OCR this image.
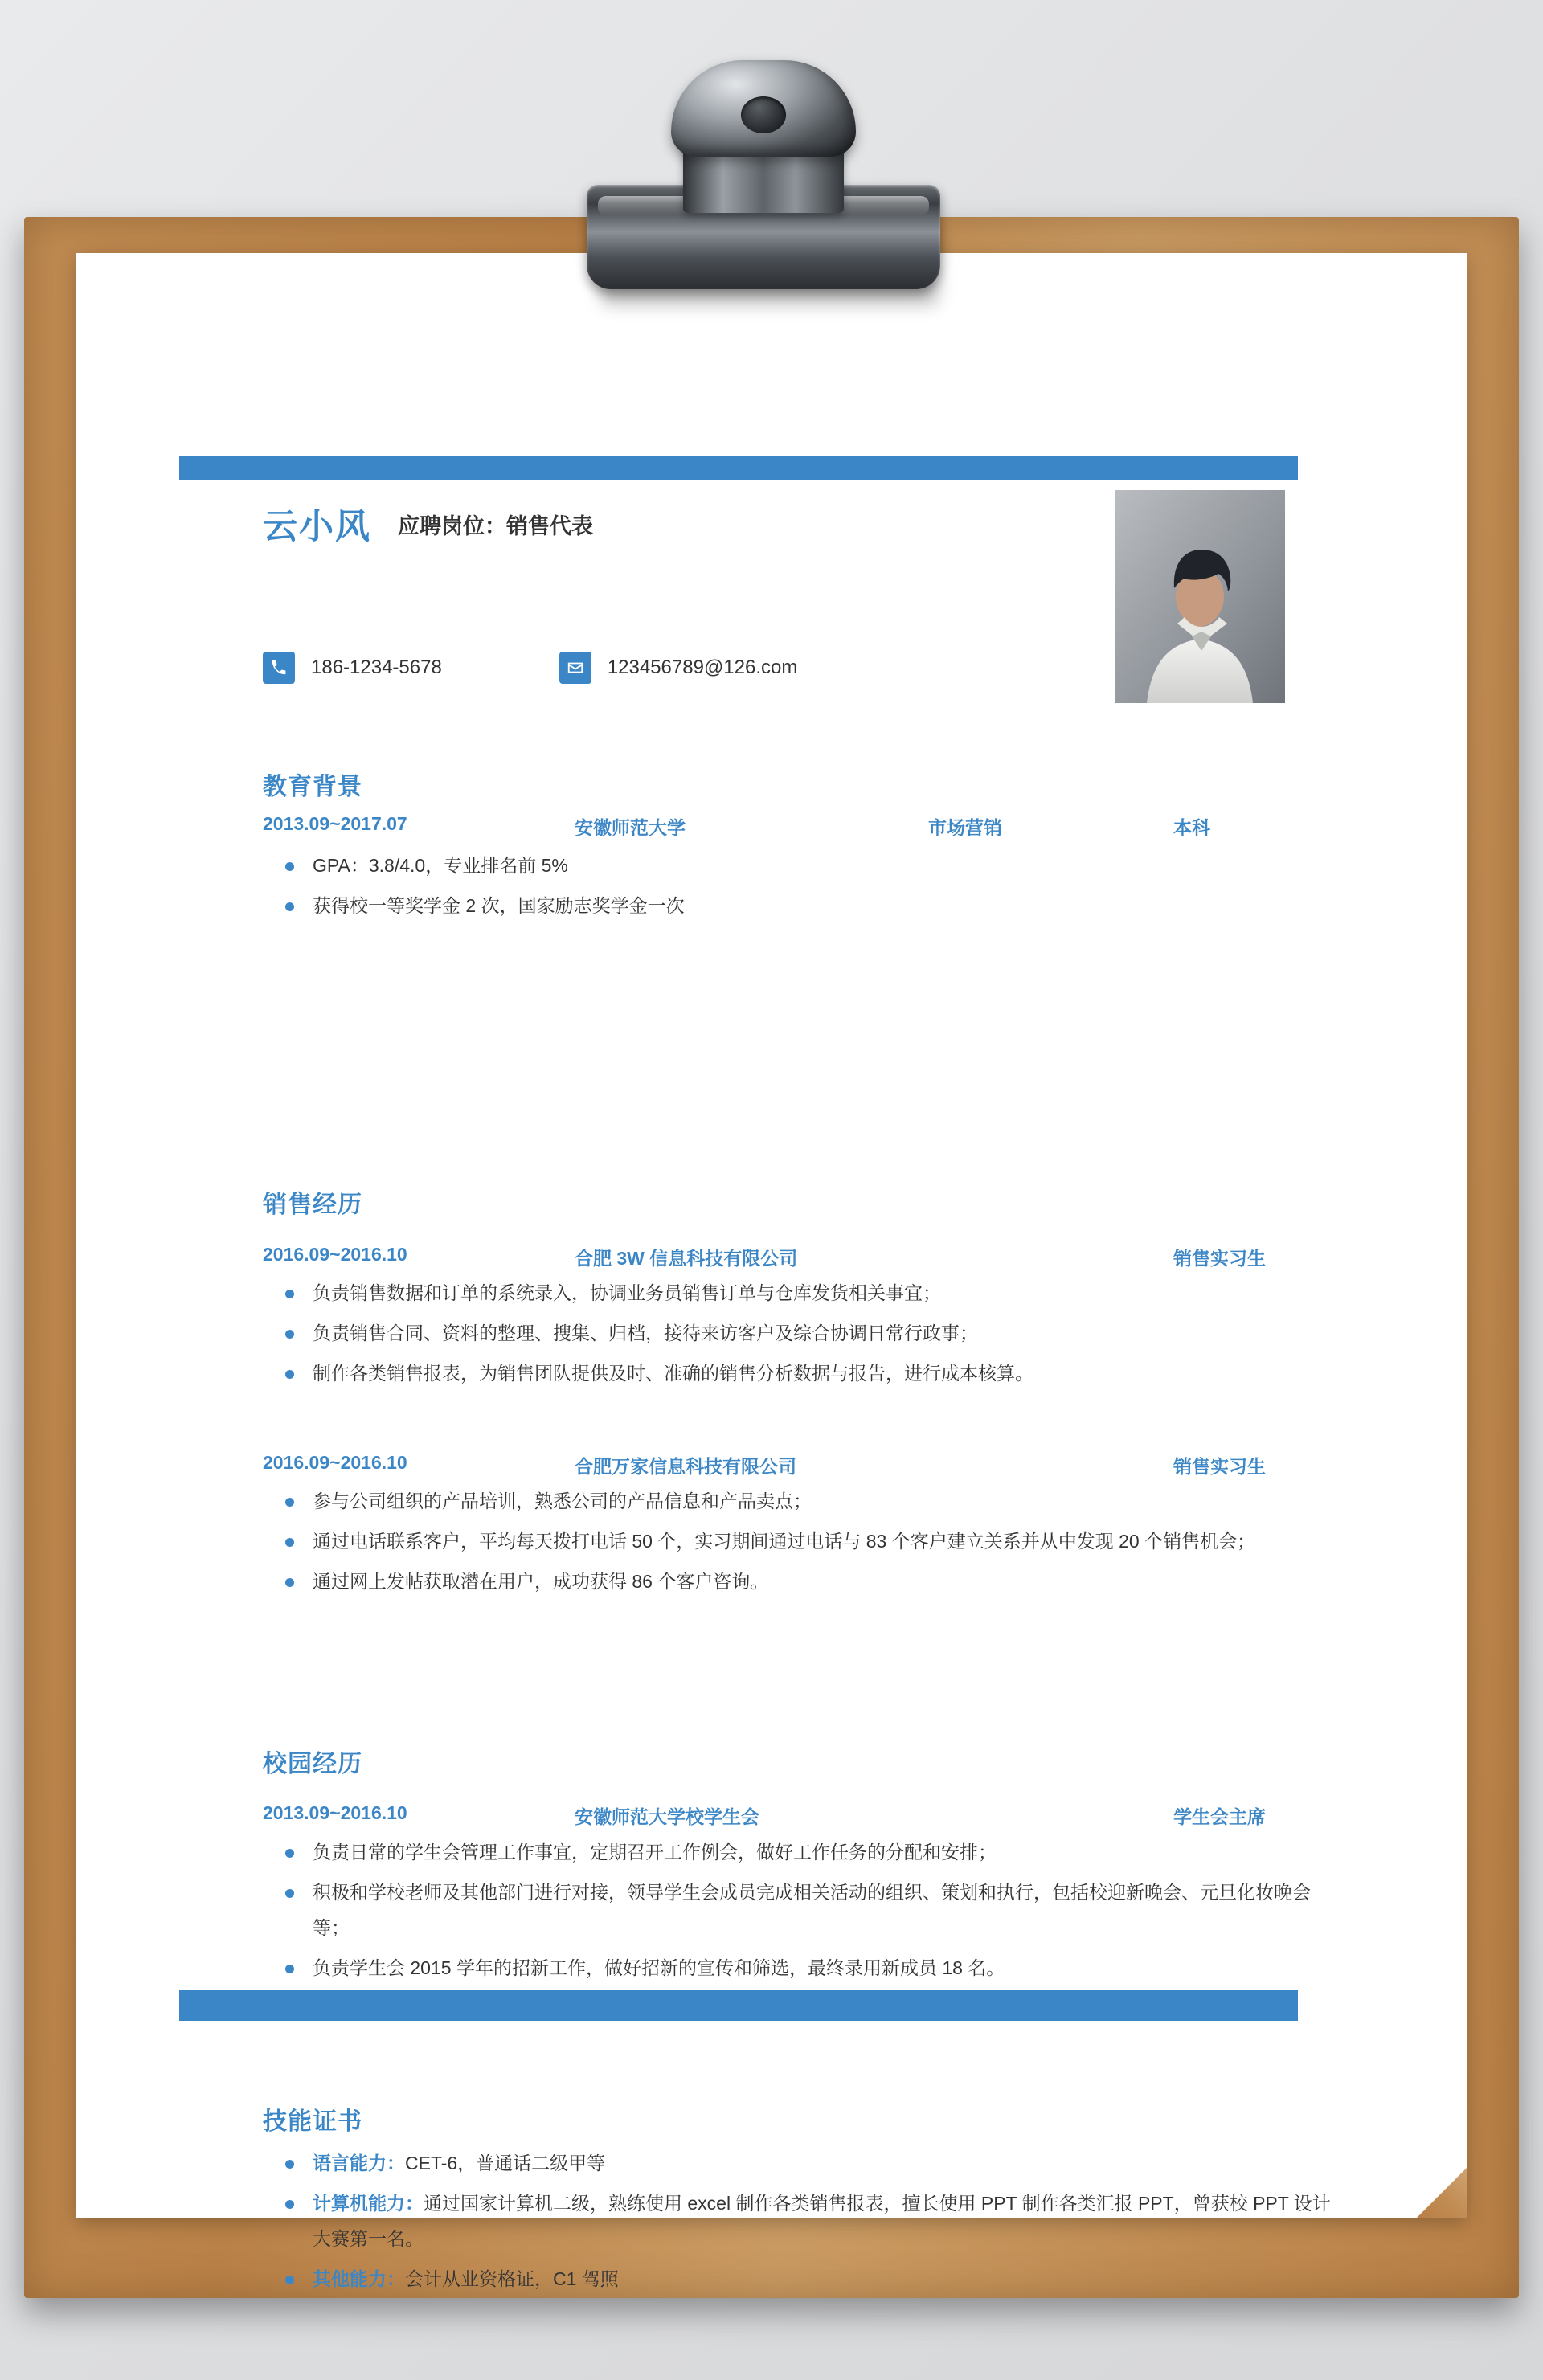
云小风 应聘岗位：销售代表
186-1234-5678	123456789@126.com
教育背景
2013.09~2017.07	安徽师范大学	市场营销	本科
GPA：3.8/4.0，专业排名前 5%
获得校一等奖学金 2 次，国家励志奖学金一次
销售经历
2016.09~2016.10	合肥 3W 信息科技有限公司	销售实习生
负责销售数据和订单的系统录入，协调业务员销售订单与仓库发货相关事宜；
负责销售合同、资料的整理、搜集、归档，接待来访客户及综合协调日常行政事；
制作各类销售报表，为销售团队提供及时、准确的销售分析数据与报告，进行成本核算。
2016.09~2016.10	合肥万家信息科技有限公司	销售实习生
参与公司组织的产品培训，熟悉公司的产品信息和产品卖点；
通过电话联系客户，平均每天拨打电话 50 个，实习期间通过电话与 83 个客户建立关系并从中发现 20 个销售机会；
通过网上发帖获取潜在用户，成功获得 86 个客户咨询。
校园经历
2013.09~2016.10	安徽师范大学校学生会	学生会主席
负责日常的学生会管理工作事宜，定期召开工作例会，做好工作任务的分配和安排；
积极和学校老师及其他部门进行对接，领导学生会成员完成相关活动的组织、策划和执行，包括校迎新晚会、元旦化妆晚会等；
负责学生会 2015 学年的招新工作，做好招新的宣传和筛选，最终录用新成员 18 名。
技能证书
语言能力：CET-6，普通话二级甲等
计算机能力：通过国家计算机二级，熟练使用 excel 制作各类销售报表，擅长使用 PPT 制作各类汇报 PPT，曾获校 PPT 设计大赛第一名。
其他能力：会计从业资格证，C1 驾照
